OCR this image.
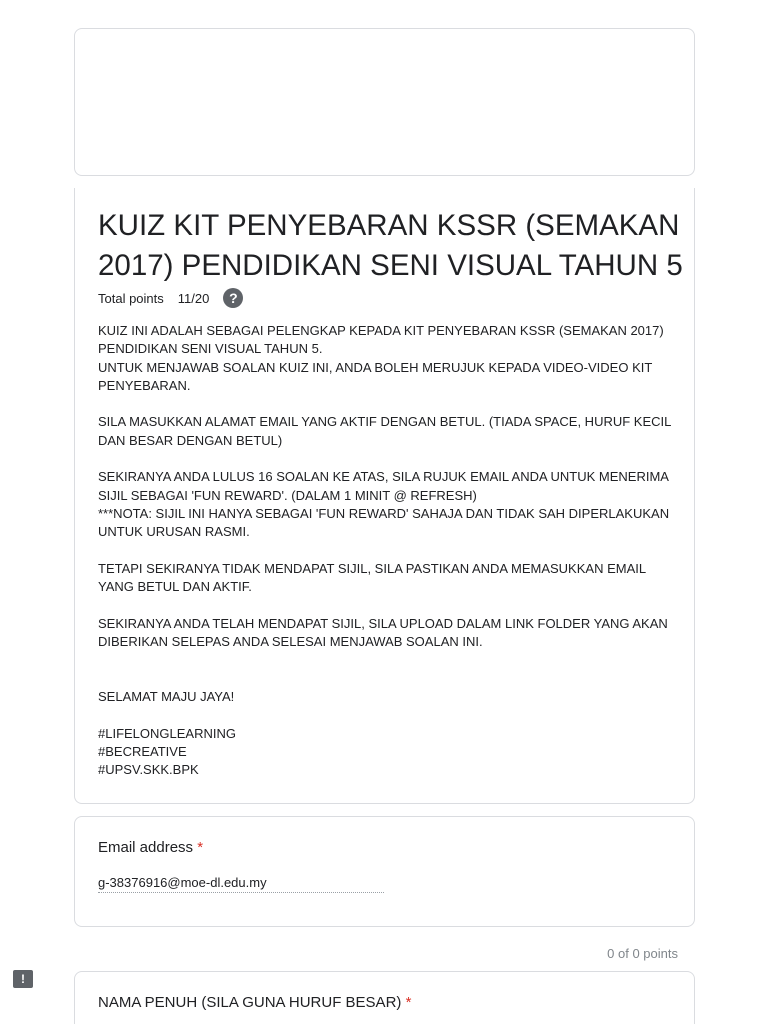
KUIZ KIT PENYEBARAN KSSR (SEMAKAN 2017) PENDIDIKAN SENI VISUAL TAHUN 5
Total points 11/20	?

KUIZ INI ADALAH SEBAGAI PELENGKAP KEPADA KIT PENYEBARAN KSSR (SEMAKAN 2017) PENDIDIKAN SENI VISUAL TAHUN 5.

UNTUK MENJAWAB SOALAN KUIZ INI, ANDA BOLEH MERUJUK KEPADA VIDEO-VIDEO KIT PENYEBARAN.

SILA MASUKKAN ALAMAT EMAIL YANG AKTIF DENGAN BETUL. (TIADA SPACE, HURUF KECIL DAN BESAR DENGAN BETUL)

SEKIRANYA ANDA LULUS 16 SOALAN KE ATAS, SILA RUJUK EMAIL ANDA UNTUK MENERIMA SIJIL SEBAGAI 'FUN REWARD'. (DALAM 1 MINIT @ REFRESH)

***NOTA: SIJIL INI HANYA SEBAGAI 'FUN REWARD' SAHAJA DAN TIDAK SAH DIPERLAKUKAN UNTUK URUSAN RASMI.

TETAPI SEKIRANYA TIDAK MENDAPAT SIJIL, SILA PASTIKAN ANDA MEMASUKKAN EMAIL YANG BETUL DAN AKTIF.

SEKIRANYA ANDA TELAH MENDAPAT SIJIL, SILA UPLOAD DALAM LINK FOLDER YANG AKAN DIBERIKAN SELEPAS ANDA SELESAI MENJAWAB SOALAN INI.

SELAMAT MAJU JAYA!

#LIFELONGLEARNING

#BECREATIVE

#UPSV.SKK.BPK

Email address *
g-38376916@moe-dl.edu.my
0 of 0 points
!
NAMA PENUH (SILA GUNA HURUF BESAR) *
